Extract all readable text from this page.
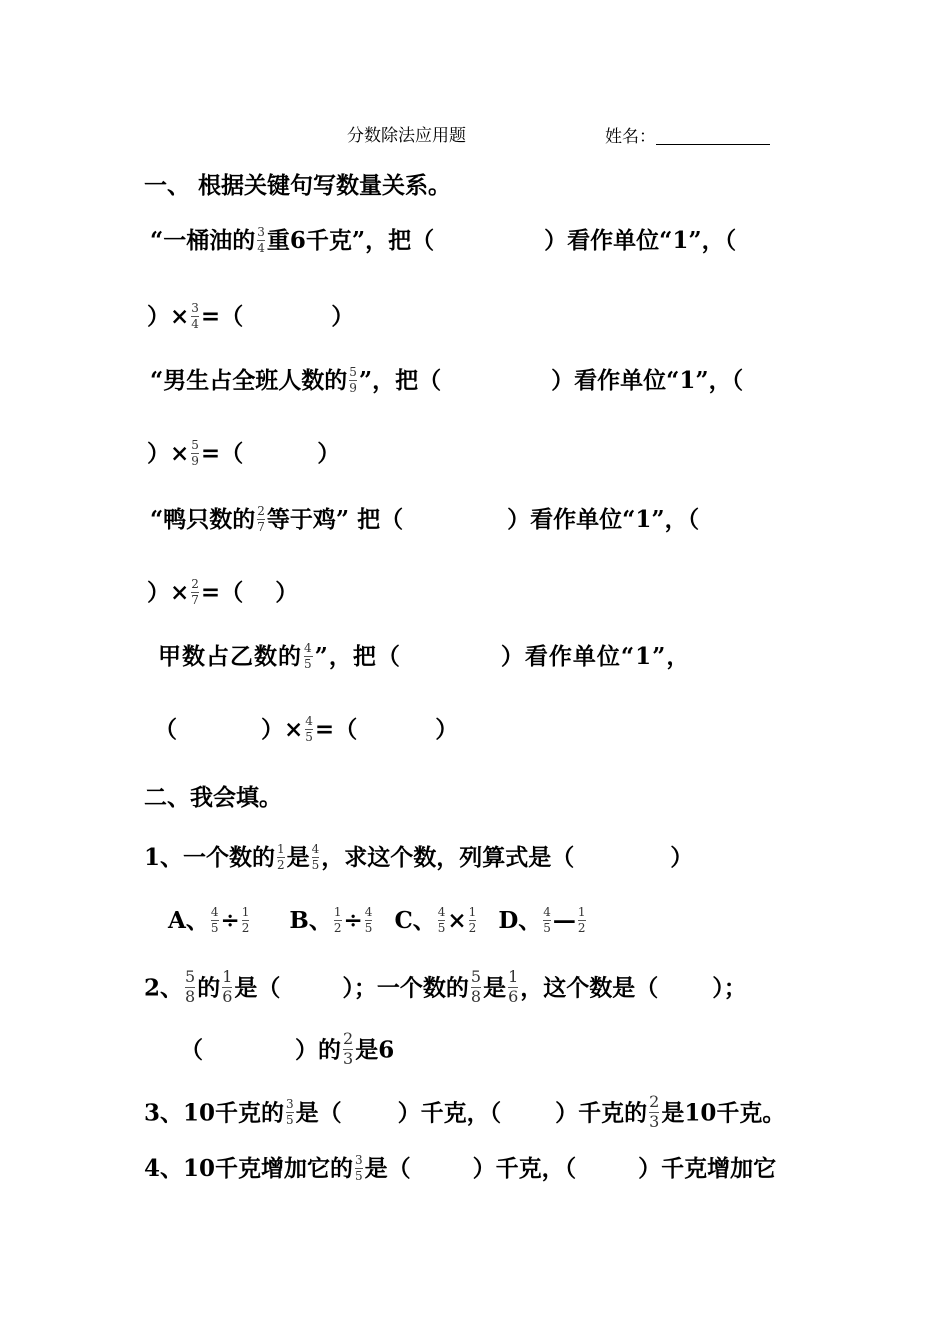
分数除法应用题	姓名：
一、 根据关键句写数量关系。
“一桶油的 $\frac{3}{4}$ 重6千克”，把（	）看作单位“1”，（
）× $\frac{3}{4}$ =（	）
“男生占全班人数的 $\frac{5}{9}$ ”，把（	）看作单位“1”，（
）× $\frac{5}{9}$ =（	）
“鸭只数的 $\frac{2}{7}$ 等于鸡” 把（	）看作单位“1”，（
）× $\frac{2}{7}$ =（ ）
甲数占乙数的 $\frac{4}{5}$ ”，把（	）看作单位“1”，
（	）× $\frac{4}{5}$ =（	）
二、我会填。
1、一个数的 $\frac{1}{2}$ 是 $\frac{4}{5}$ ，求这个数，列算式是（	）
A、 $\frac{4}{5} \div \frac{1}{2}$ B、 $\frac{1}{2} \div \frac{4}{5}$ C、 $\frac{4}{5} \times \frac{1}{2}$ D、 $\frac{4}{5}$ — $\frac{1}{2}$
2、 $\frac{5}{8}$ 的 $\frac{1}{6}$ 是（	）；一个数的 $\frac{5}{8}$ 是 $\frac{1}{6}$ ，这个数是（ ）；
（	）的 $\frac{2}{3}$ 是6
3、10千克的 $\frac{3}{5}$ 是（ ）千克，（ ）千克的 $\frac{2}{3}$ 是10千克。
4、10千克增加它的 $\frac{3}{5}$ 是（	）千克，（	）千克增加它
